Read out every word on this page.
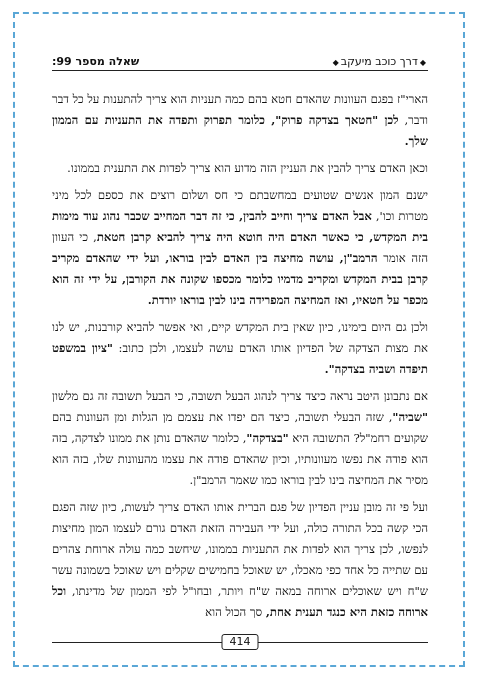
◆דרך כוכב מיעקב◆
שאלה מספר 99:

הארי"ז בפגם העוונות שהאדם חטא בהם כמה תעניות הוא צריך להתענות על כל דבר ודבר, לכן "חטאך בצדקה פרוק", כלומר תפרוק ותפדה את התעניות עם הממון שלך.

וכאן האדם צריך להבין את העניין הזה מדוע הוא צריך לפדות את התענית בממונו.

ישנם המון אנשים שטועים במחשבתם כי חס ושלום רוצים את כספם לכל מיני מטרות וכו', אבל האדם צריך וחייב להבין, כי זה דבר המחייב שכבר נהוג עוד מימות בית המקדש, כי כאשר האדם היה חוטא היה צריך להביא קרבן חטאת, כי העוון הזה אומר הרמב"ן, עושה מחיצה בין האדם לבין בוראו, ועל ידי שהאדם מקריב קרבן בבית המקדש ומקריב מדמיו כלומר מכספו שקונה את הקורבן, על ידי זה הוא מכפר על חטאיו, ואז המחיצה המפרידה בינו לבין בוראו יורדת.

ולכן גם היום בימינו, כיון שאין בית המקדש קיים, ואי אפשר להביא קורבנות, יש לנו את מצות הצדקה של הפדיון אותו האדם עושה לעצמו, ולכן כתוב: "ציון במשפט תיפדה ושביה בצדקה".

אם נתבונן היטב נראה כיצד צריך לנהוג הבעל תשובה, כי הבעל תשובה זה גם מלשון "שביה", שזה הבעלי תשובה, כיצד הם יפדו את עצמם מן הגלות ומן העוונות בהם שקועים רחמ"ל? התשובה היא "בצדקה", כלומר שהאדם נותן את ממונו לצדקה, בזה הוא פודה את נפשו מעוונותיו, וכיון שהאדם פודה את עצמו מהעוונות שלו, בזה הוא מסיר את המחיצה בינו לבין בוראו כמו שאמר הרמב"ן.

ועל פי זה מובן עניין הפדיון של פגם הברית אותו האדם צריך לעשות, כיון שזה הפגם הכי קשה בכל התורה כולה, ועל ידי העבירה הזאת האדם גורם לעצמו המון מחיצות לנפשו, לכן צריך הוא לפדות את התעניות בממונו, שיחשב כמה עולה ארוחת צהרים עם שתייה כל אחד כפי מאכלו, יש שאוכל בחמישים שקלים ויש שאוכל בשמונה עשר ש"ח ויש שאוכלים ארוחה במאה ש"ח ויותר, ובחו"ל לפי הממון של מדינתו, וכל ארוחה כזאת היא כנגד תענית אחת, סך הכול הוא

414
